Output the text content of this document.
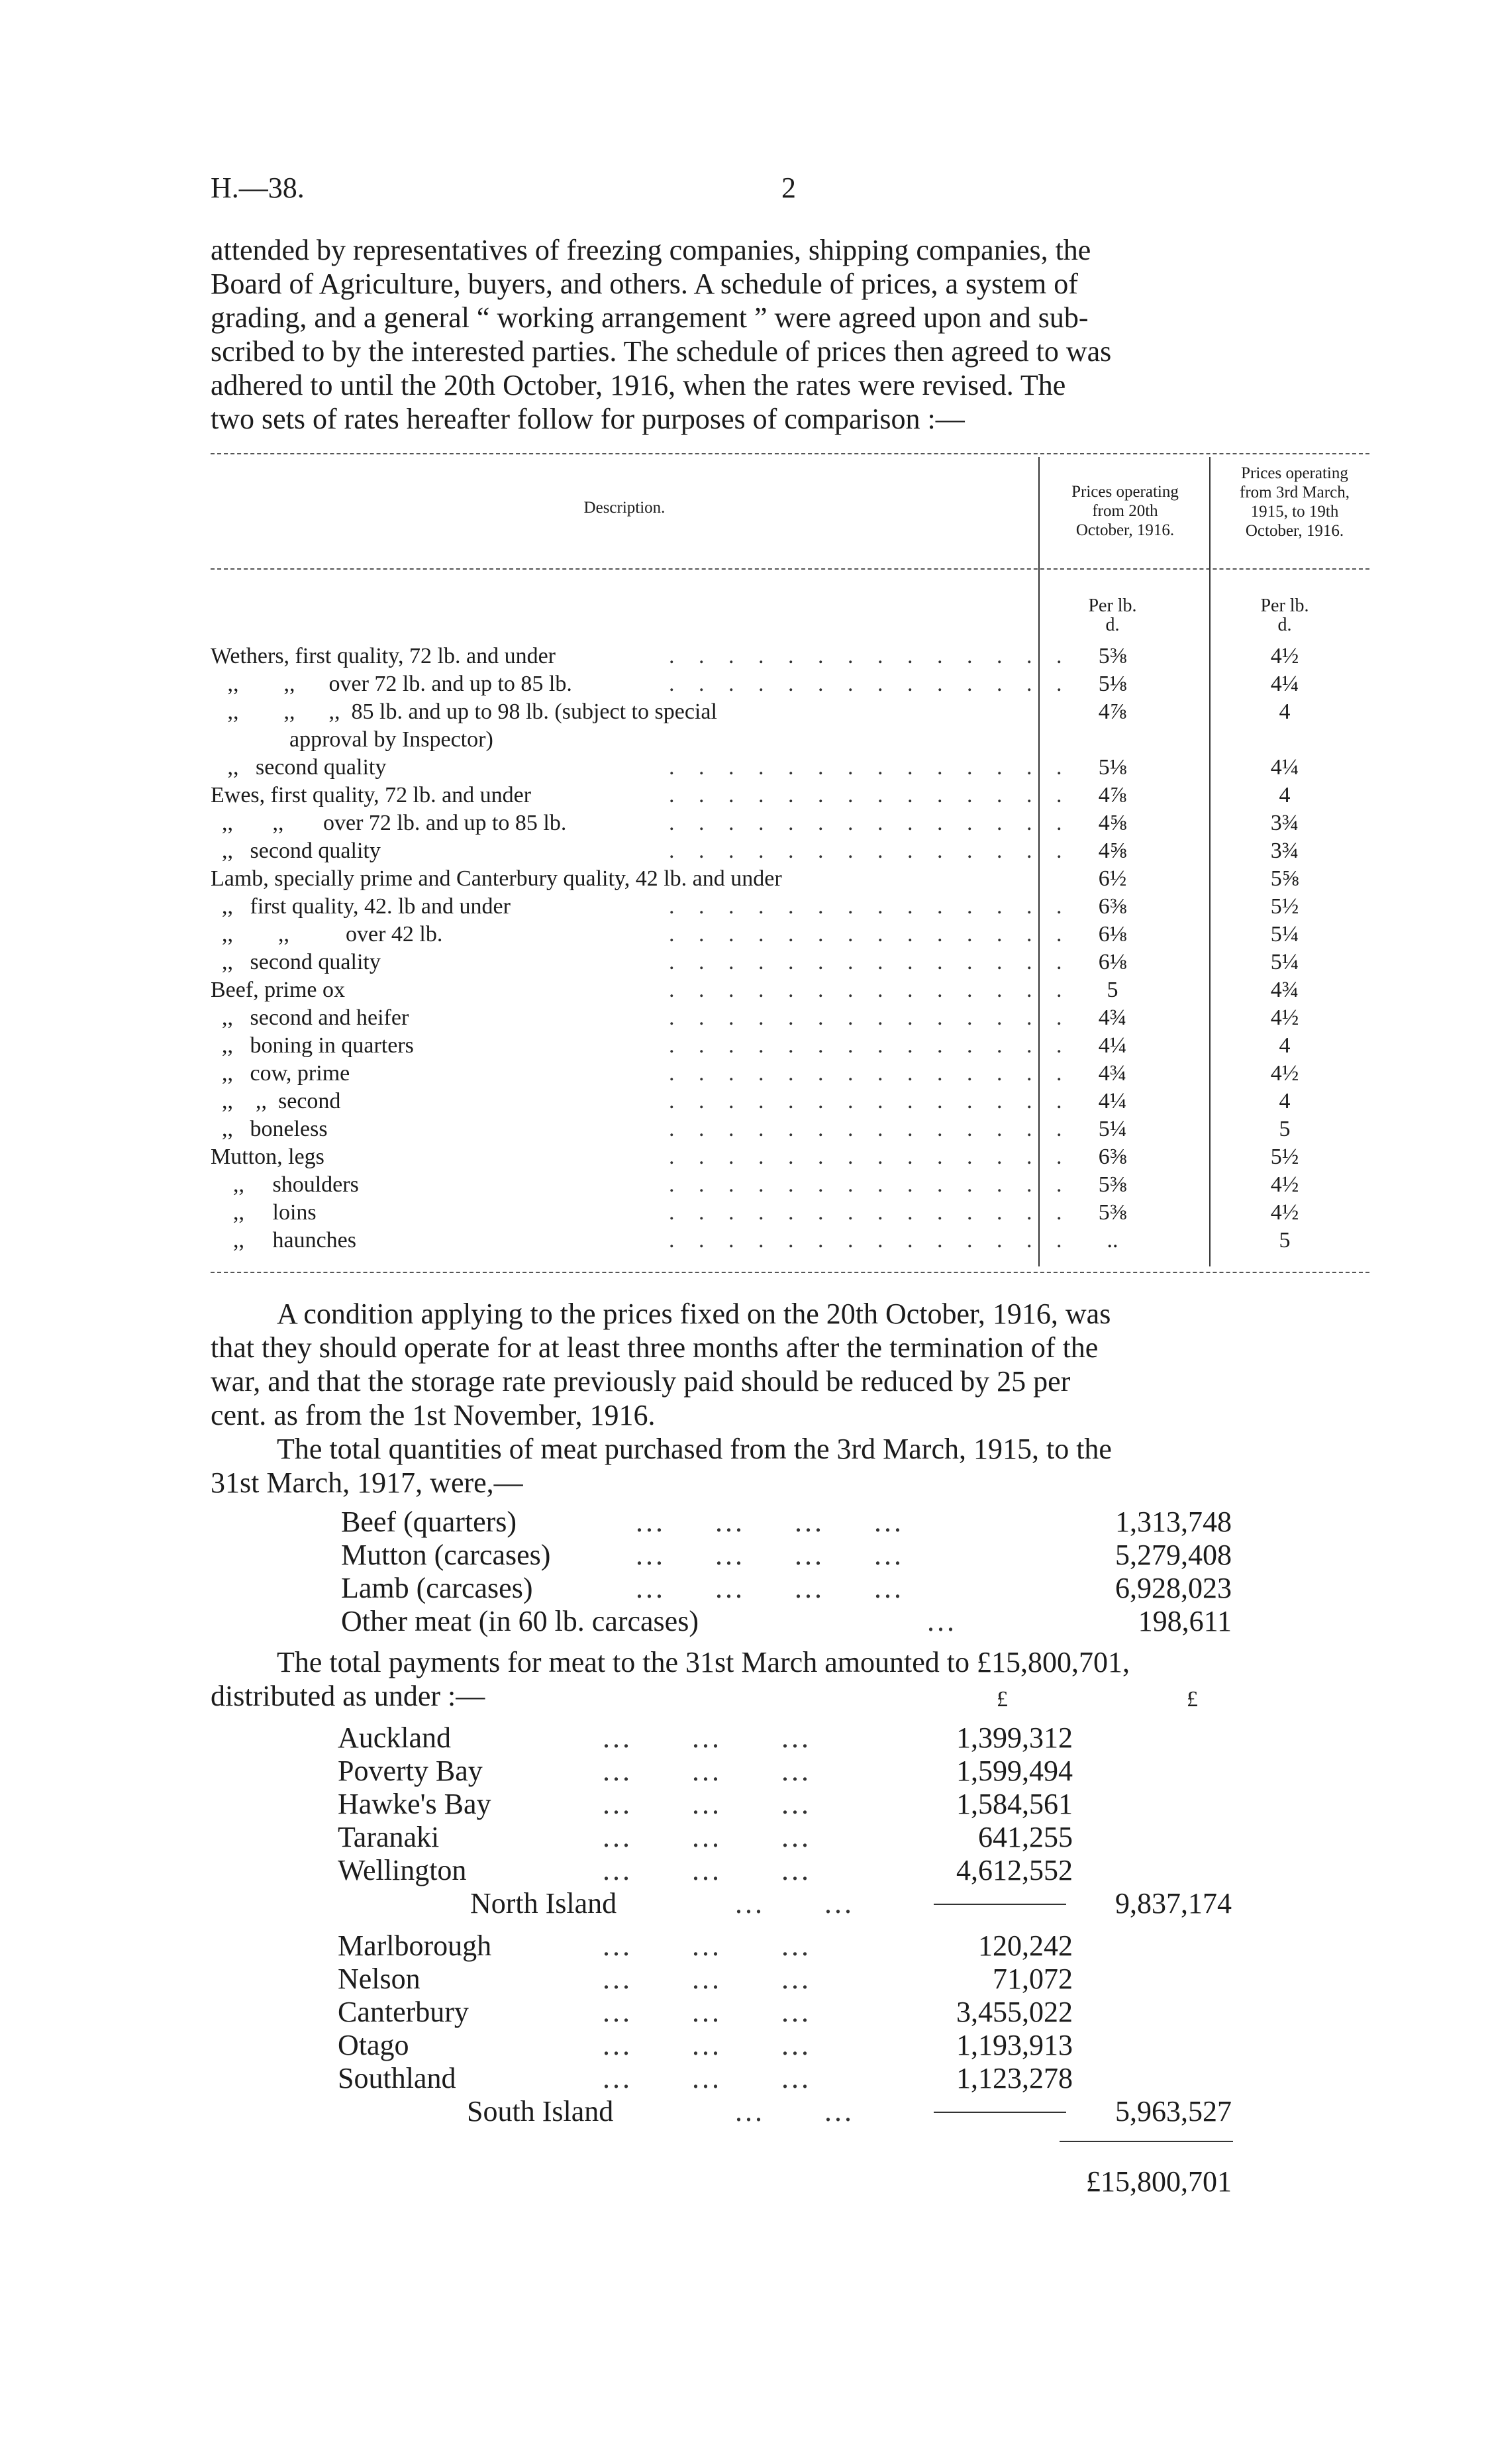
H.—38.	2
attended by representatives of freezing companies, shipping companies, the
Board of Agriculture, buyers, and others. A schedule of prices, a system of
grading, and a general “ working arrangement ” were agreed upon and sub-
scribed to by the interested parties. The schedule of prices then agreed to was
adhered to until the 20th October, 1916, when the rates were revised. The
two sets of rates hereafter follow for purposes of comparison :—
Description.
Prices operating
from 20th
October, 1916.
Prices operating
from 3rd March,
1915, to 19th
October, 1916.
Per lb.
d.
Per lb.
d.
Wethers, first quality, 72 lb. and under	. . . . . . . . . . . . . .	5⅜	4½
,,        ,,      over 72 lb. and up to 85 lb.	. . . . . . . . . . . . . .	5⅛	4¼
,,        ,,      ,,  85 lb. and up to 98 lb. (subject to special	4⅞	4
approval by Inspector)
,,   second quality	. . . . . . . . . . . . . .	5⅛	4¼
Ewes, first quality, 72 lb. and under	. . . . . . . . . . . . . .	4⅞	4
,,       ,,       over 72 lb. and up to 85 lb.	. . . . . . . . . . . . . .	4⅝	3¾
,,   second quality	. . . . . . . . . . . . . .	4⅝	3¾
Lamb, specially prime and Canterbury quality, 42 lb. and under	6½	5⅝
,,   first quality, 42. lb and under	. . . . . . . . . . . . . .	6⅜	5½
,,        ,,          over 42 lb.	. . . . . . . . . . . . . .	6⅛	5¼
,,   second quality	. . . . . . . . . . . . . .	6⅛	5¼
Beef, prime ox	. . . . . . . . . . . . . .	5	4¾
,,   second and heifer	. . . . . . . . . . . . . .	4¾	4½
,,   boning in quarters	. . . . . . . . . . . . . .	4¼	4
,,   cow, prime	. . . . . . . . . . . . . .	4¾	4½
,,    ,,  second	. . . . . . . . . . . . . .	4¼	4
,,   boneless	. . . . . . . . . . . . . .	5¼	5
Mutton, legs	. . . . . . . . . . . . . .	6⅜	5½
,,     shoulders	. . . . . . . . . . . . . .	5⅜	4½
,,     loins	. . . . . . . . . . . . . .	5⅜	4½
,,     haunches	. . . . . . . . . . . . . .	..	5
A condition applying to the prices fixed on the 20th October, 1916, was
that they should operate for at least three months after the termination of the
war, and that the storage rate previously paid should be reduced by 25 per
cent. as from the 1st November, 1916.
The total quantities of meat purchased from the 3rd March, 1915, to the
31st March, 1917, were,—
Beef (quarters)	...     ...     ...     ...	1,313,748
Mutton (carcases)	...     ...     ...     ...	5,279,408
Lamb (carcases)	...     ...     ...     ...	6,928,023
Other meat (in 60 lb. carcases)	...	198,611
The total payments for meat to the 31st March amounted to £15,800,701,
distributed as under :—	£	£
Auckland	...      ...      ...	1,399,312
Poverty Bay	...      ...      ...	1,599,494
Hawke's Bay	...      ...      ...	1,584,561
Taranaki	...      ...      ...	641,255
Wellington	...      ...      ...	4,612,552
North Island	...      ...	9,837,174
Marlborough	...      ...      ...	120,242
Nelson	...      ...      ...	71,072
Canterbury	...      ...      ...	3,455,022
Otago	...      ...      ...	1,193,913
Southland	...      ...      ...	1,123,278
South Island	...      ...	5,963,527
£15,800,701
